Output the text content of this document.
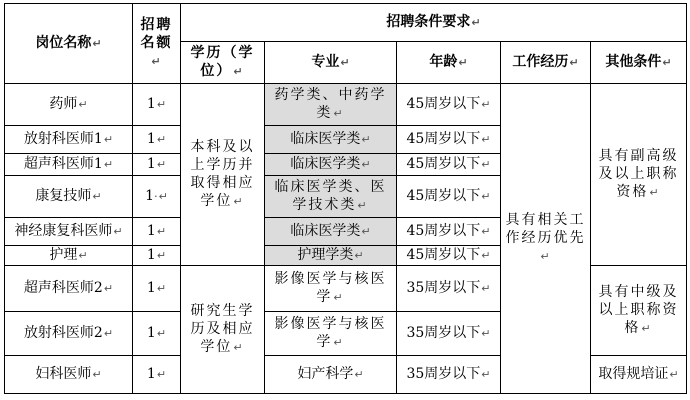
岗位名称↵	招聘名额↵	招聘条件要求↵				
		学历（学位）↵	专业↵	年龄↵	工作经历↵	其他条件↵
药师↵	1↵	本科及以上学历并取得相应学位↵	药学类、中药学类↵	45周岁以下↵	具有相关工作经历优先↵	具有副高级及以上职称资格↵
放射科医师1↵	1↵		临床医学类↵	45周岁以下↵		
超声科医师1↵	1↵		临床医学类↵	45周岁以下↵		
康复技师↵	1·↵		临床医学类、医学技术类↵	45周岁以下↵		
神经康复科医师↵	1↵		临床医学类↵	45周岁以下↵		
护理↵	1↵		护理学类↵	45周岁以下↵		
超声科医师2↵	1↵	研究生学历及相应学位↵	影像医学与核医学↵	35周岁以下↵		具有中级及以上职称资格↵
放射科医师2↵	1↵		影像医学与核医学↵	35周岁以下↵		
妇科医师↵	1↵		妇产科学↵	35周岁以下↵		取得规培证↵
